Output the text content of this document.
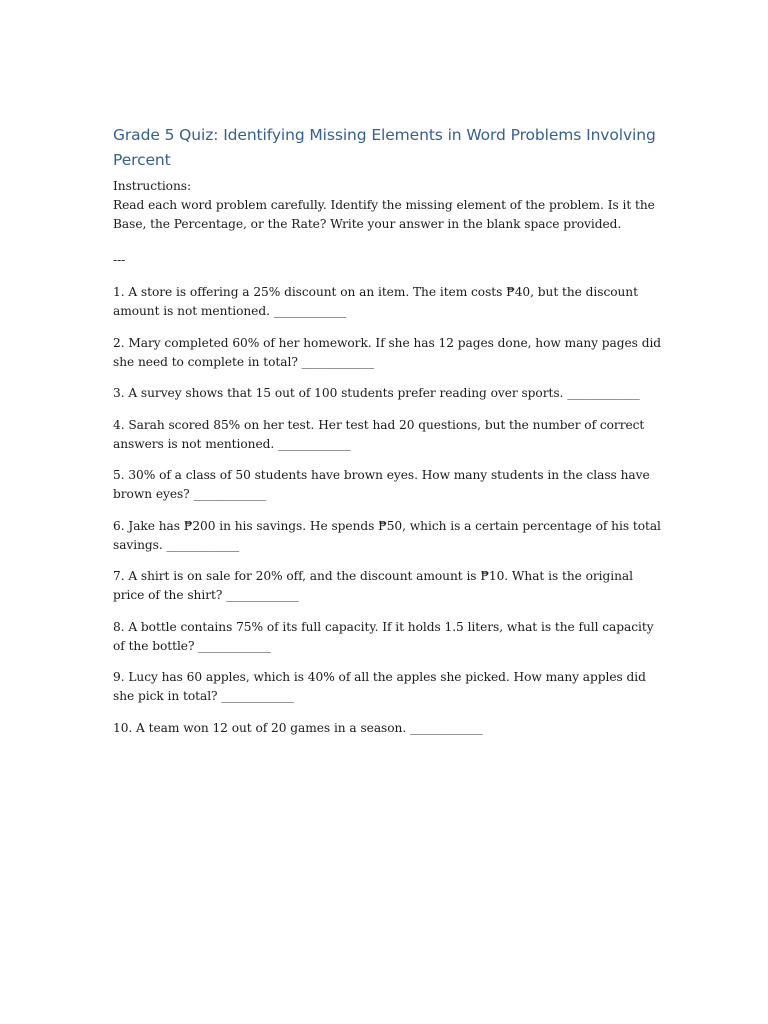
Grade 5 Quiz: Identifying Missing Elements in Word Problems Involving Percent

Instructions:

Read each word problem carefully. Identify the missing element of the problem. Is it the Base, the Percentage, or the Rate? Write your answer in the blank space provided.

---

1. A store is offering a 25% discount on an item. The item costs ₱40, but the discount amount is not mentioned. ____________

2. Mary completed 60% of her homework. If she has 12 pages done, how many pages did she need to complete in total? ____________

3. A survey shows that 15 out of 100 students prefer reading over sports. ____________

4. Sarah scored 85% on her test. Her test had 20 questions, but the number of correct answers is not mentioned. ____________

5. 30% of a class of 50 students have brown eyes. How many students in the class have brown eyes? ____________

6. Jake has ₱200 in his savings. He spends ₱50, which is a certain percentage of his total savings. ____________

7. A shirt is on sale for 20% off, and the discount amount is ₱10. What is the original price of the shirt? ____________

8. A bottle contains 75% of its full capacity. If it holds 1.5 liters, what is the full capacity of the bottle? ____________

9. Lucy has 60 apples, which is 40% of all the apples she picked. How many apples did she pick in total? ____________

10. A team won 12 out of 20 games in a season. ____________
